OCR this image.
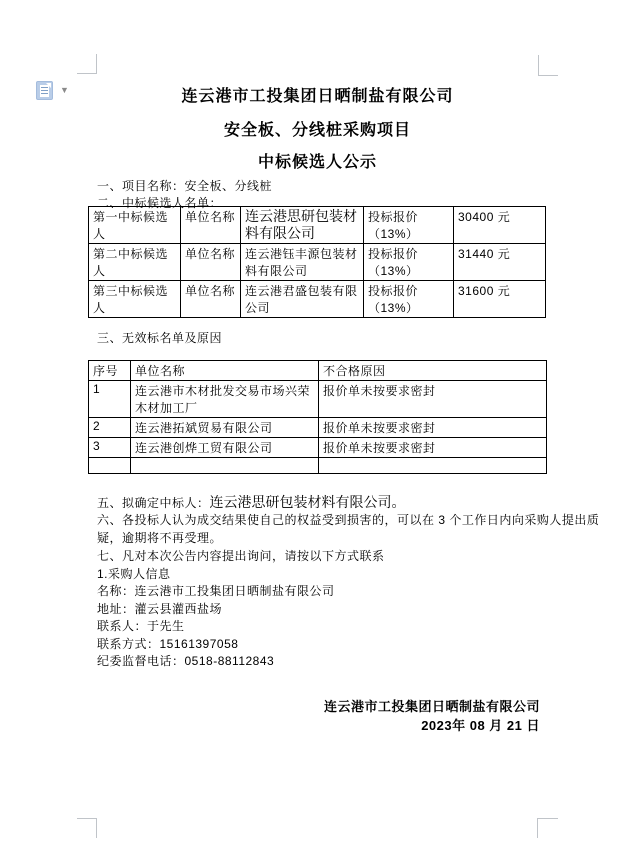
▼	连云港市工投集团日晒制盐有限公司
安全板、分线桩采购项目
中标候选人公示
一、项目名称：安全板、分线桩
二、中标候选人名单：
三、无效标名单及原因
五、拟确定中标人：连云港思研包装材料有限公司。
六、各投标人认为成交结果使自己的权益受到损害的，可以在 3 个工作日内向采购人提出质
疑，逾期将不再受理。
七、凡对本次公告内容提出询问，请按以下方式联系
1.采购人信息
名称：连云港市工投集团日晒制盐有限公司
地址：灌云县灌西盐场
联系人：于先生
联系方式：15161397058
纪委监督电话：0518-88112843
连云港市工投集团日晒制盐有限公司
2023年 08 月 21 日
第一中标候选人	单位名称	连云港思研包装材料有限公司	投标报价（13%）	30400 元
第二中标候选人	单位名称	连云港钰丰源包装材料有限公司	投标报价（13%）	31440 元
第三中标候选人	单位名称	连云港君盛包装有限公司	投标报价（13%）	31600 元
序号	单位名称	不合格原因
1	连云港市木材批发交易市场兴荣木材加工厂	报价单未按要求密封
2	连云港拓斌贸易有限公司	报价单未按要求密封
3	连云港创烨工贸有限公司	报价单未按要求密封
